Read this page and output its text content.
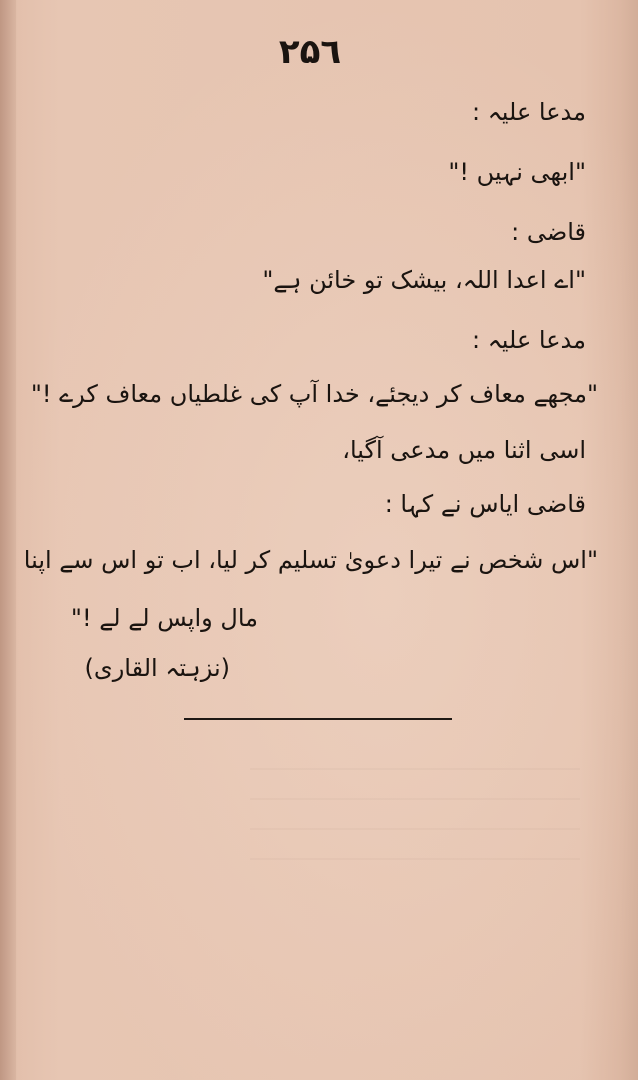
۲۵٦
مدعا علیہ :
"ابھی نہیں !"
قاضی :
"اے اعدا اللہ، بیشک تو خائن ہے"
مدعا علیہ :
"مجھے معاف کر دیجئے، خدا آپ کی غلطیاں معاف کرے !"
اسی اثنا میں مدعی آگیا،
قاضی ایاس نے کہا :
"اس شخص نے تیرا دعویٰ تسلیم کر لیا، اب تو اس سے اپنا
مال واپس لے لے !"
(نزہتہ القاری)
